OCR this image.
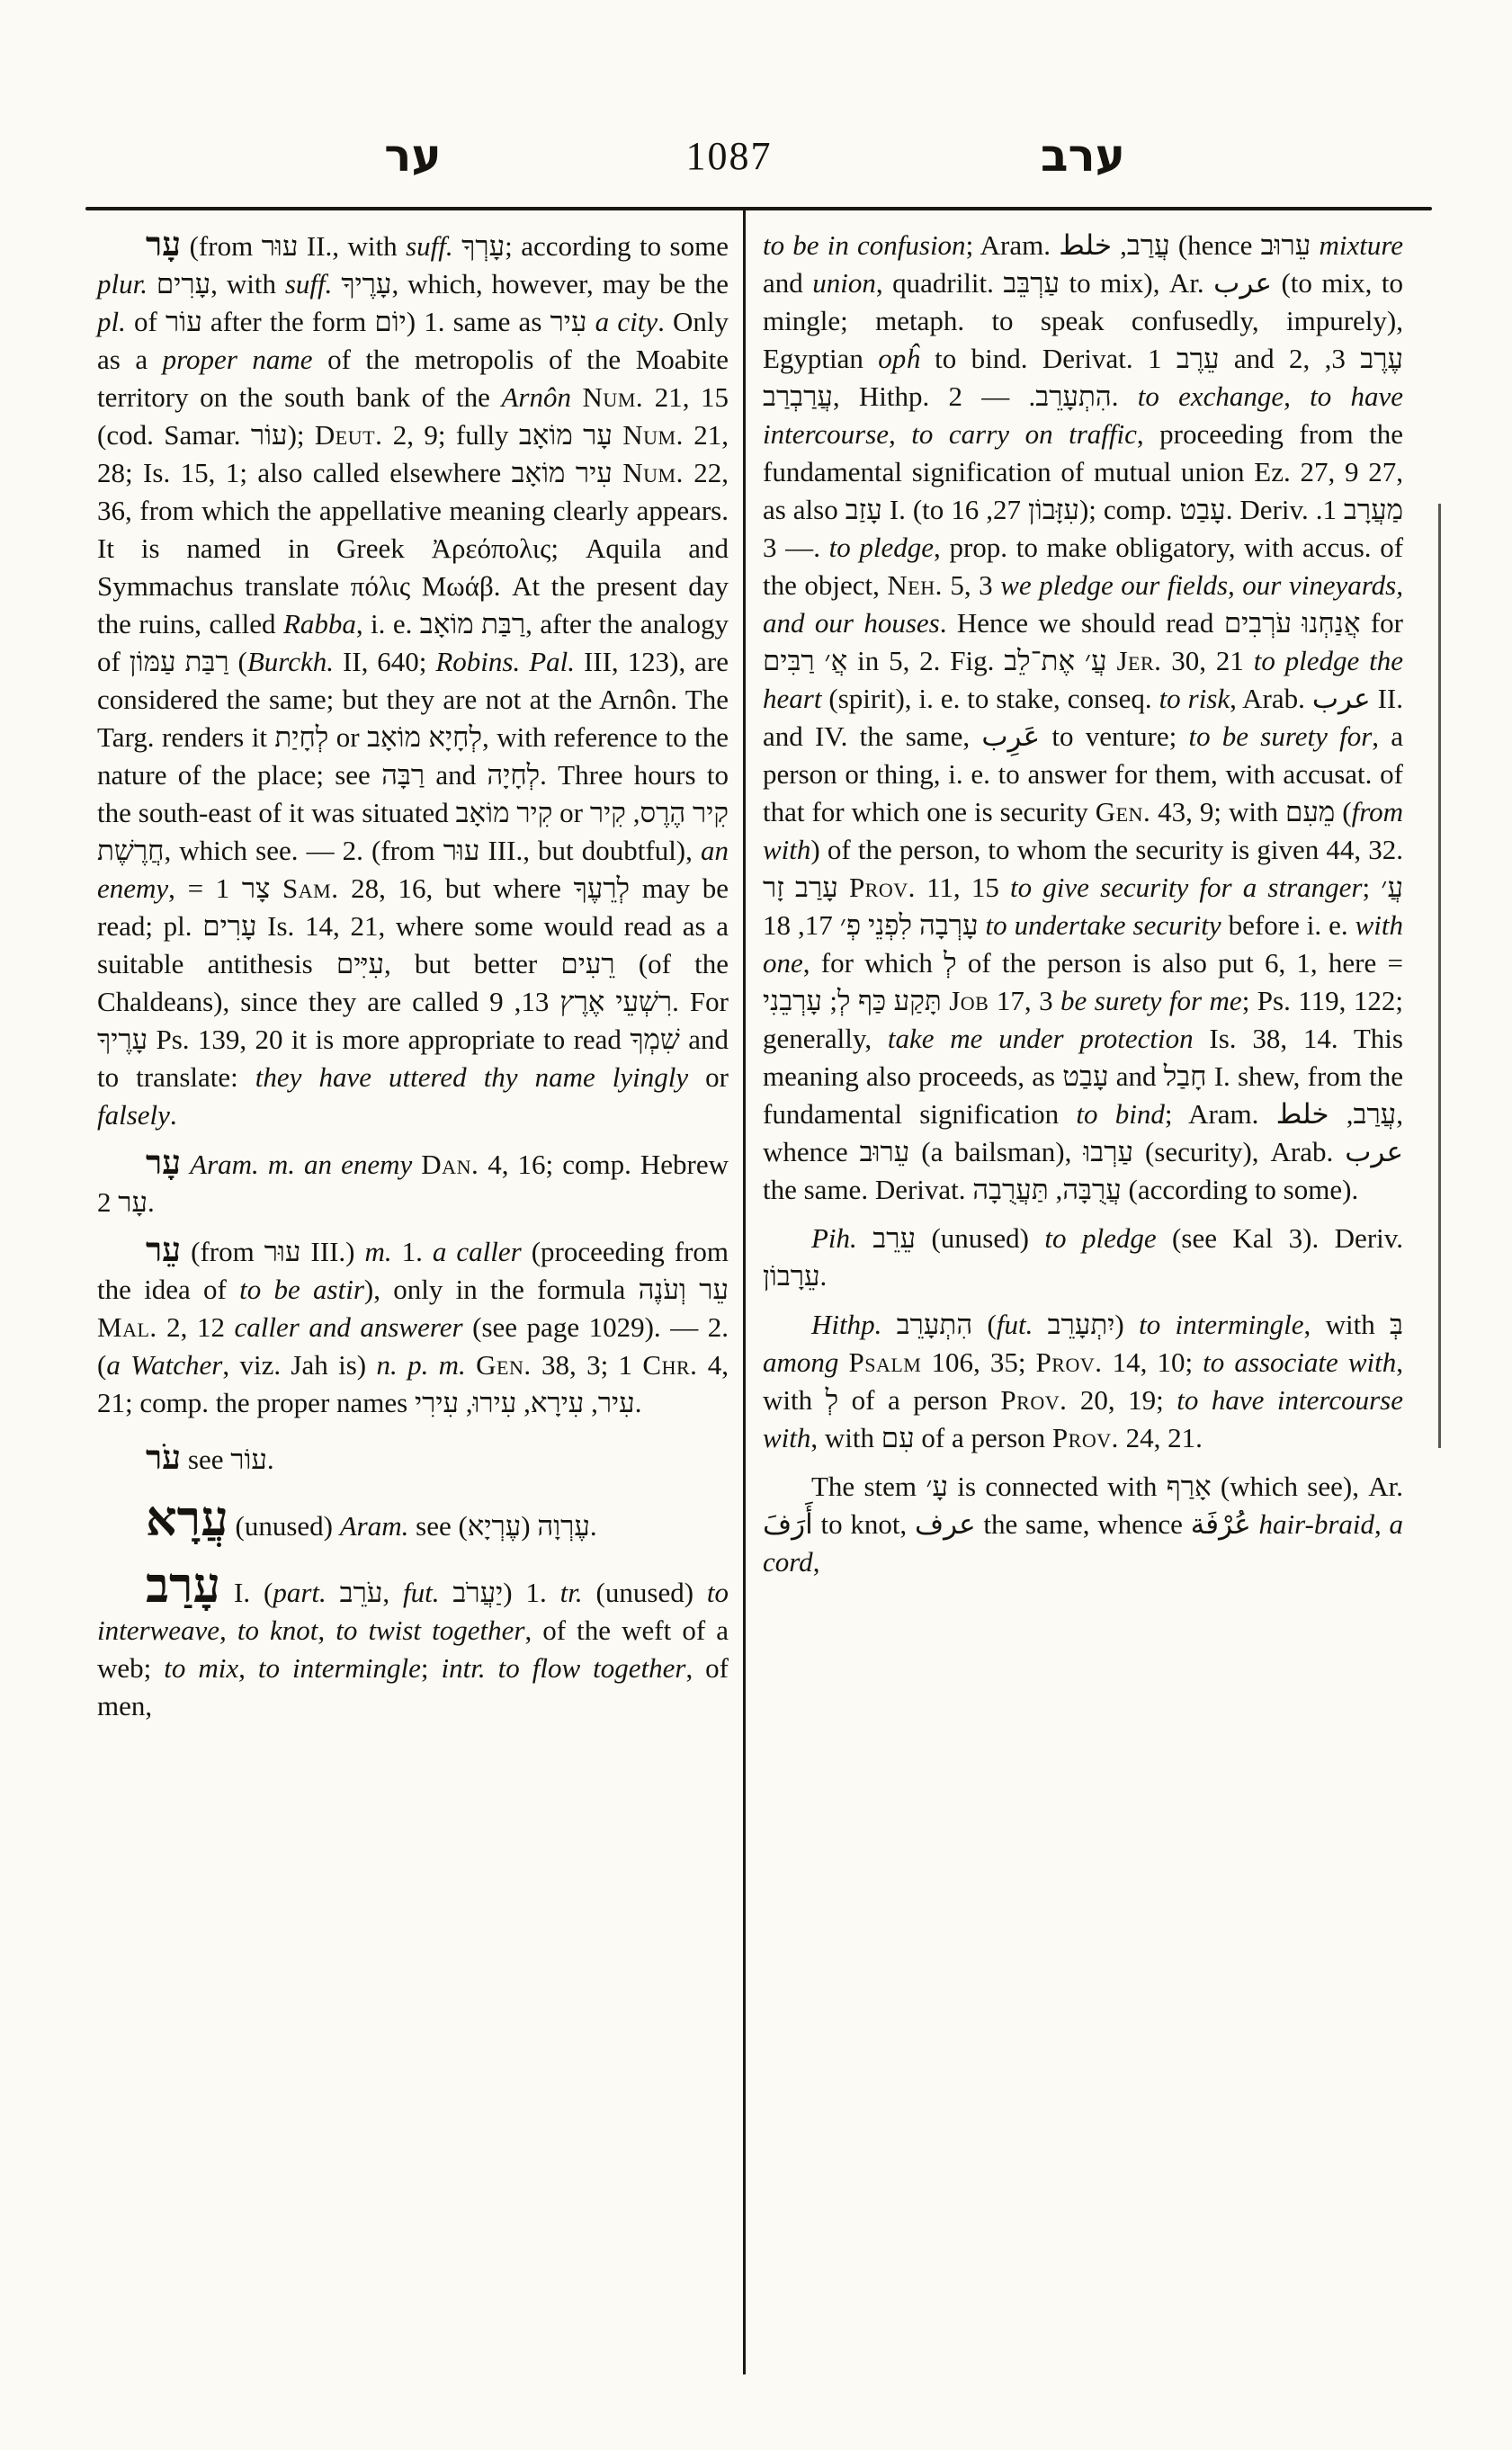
ער	1087	ערב

עָר (from עוּר II., with suff. עָרְךָ; according to some plur. עָרִים, with suff. עָרֶיךָ, which, however, may be the pl. of עוֹר after the form יוֹם) 1. same as עִיר a city. Only as a proper name of the metropolis of the Moabite territory on the south bank of the Arnôn Num. 21, 15 (cod. Samar. עוֹר); Deut. 2, 9; fully עָר מוֹאָב Num. 21, 28; Is. 15, 1; also called elsewhere עִיר מוֹאָב Num. 22, 36, from which the appellative meaning clearly appears. It is named in Greek Ἀρεόπολις; Aquila and Symmachus translate πόλις Μωάβ. At the present day the ruins, called Rabba, i. e. רַבַּת מוֹאָב, after the analogy of רַבַּת עַמּוֹן (Burckh. II, 640; Robins. Pal. III, 123), are considered the same; but they are not at the Arnôn. The Targ. renders it לְחָיַת or לְחָיָא מוֹאָב, with reference to the nature of the place; see רַבָּה and לְחָיָה. Three hours to the south-east of it was situated קִיר מוֹאָב or קִיר הֶרֶס, קִיר חֲרֶשֶׁת, which see. — 2. (from עוּר III., but doubtful), an enemy, = צָר 1 Sam. 28, 16, but where לְרֵעֶךָ may be read; pl. עָרִים Is. 14, 21, where some would read as a suitable antithesis עִיִּים, but better רֵעִים (of the Chaldeans), since they are called רִשְׁעֵי אֶרֶץ 13, 9. For עָרֶיךָ Ps. 139, 20 it is more appropriate to read שִׁמְךָ and to translate: they have uttered thy name lyingly or falsely.

עָר Aram. m. an enemy Dan. 4, 16; comp. Hebrew עָר 2.

עֵר (from עוּר III.) m. 1. a caller (proceeding from the idea of to be astir), only in the formula עֵר וְעֹנֶה Mal. 2, 12 caller and answerer (see page 1029). — 2. (a Watcher, viz. Jah is) n. p. m. Gen. 38, 3; 1 Chr. 4, 21; comp. the proper names עִיר, עִירָא, עִירוּ, עִירִי.

עֹר see עוֹר.

עֲרָא (unused) Aram. see עֶרְוָה (עֶרְיָא).

עָרַב I. (part. עֹרֵב, fut. יַעֲרֹב) 1. tr. (unused) to interweave, to knot, to twist together, of the weft of a web; to mix, to intermingle; intr. to flow together, of men,

to be in confusion; Aram. עֲרַב, خلط (hence עֵרוּב mixture and union, quadrilit. עַרְבֵּב to mix), Ar. عرب (to mix, to mingle; metaph. to speak confusedly, impurely), Egyptian opĥ to bind. Derivat. עֵרֶב 1 and 2, עֶרֶב 3, עֲרַבְרַב, Hithp. הִתְעָרֵב. — 2. to exchange, to have intercourse, to carry on traffic, proceeding from the fundamental signification of mutual union Ez. 27, 9 27, as also עָזַב I. (to עִזָּבוֹן 27, 16); comp. עָבַט. Deriv. מַעֲרָב 1. — 3. to pledge, prop. to make obligatory, with accus. of the object, Neh. 5, 3 we pledge our fields, our vineyards, and our houses. Hence we should read אֲנַחְנוּ עֹרְבִים for אֲ׳ רַבִּים in 5, 2. Fig. עֲ׳ אֶת־לֵב Jer. 30, 21 to pledge the heart (spirit), i. e. to stake, conseq. to risk, Arab. عرب II. and IV. the same, عَرِب to venture; to be surety for, a person or thing, i. e. to answer for them, with accusat. of that for which one is security Gen. 43, 9; with מֵעִם (from with) of the person, to whom the security is given 44, 32. עָרַב זָר Prov. 11, 15 to give security for a stranger; עֲ׳ עָרְבָה לִפְנֵי פְ׳ 17, 18 to undertake security before i. e. with one, for which לְ of the person is also put 6, 1, here = תָּקַע כַּף לְ; עָרְבֵנִי Job 17, 3 be surety for me; Ps. 119, 122; generally, take me under protection Is. 38, 14. This meaning also proceeds, as עָבַט and חָבַל I. shew, from the fundamental signification to bind; Aram. עֲרַב, خلط, whence עֵרוּב (a bailsman), עַרְבוּ (security), Arab. عرب the same. Derivat. עֲרֻבָּה, תַּעֲרֻבָה (according to some).

Pih. עֵרֵב (unused) to pledge (see Kal 3). Deriv. עֵרָבוֹן.

Hithp. הִתְעָרֵב (fut. יִתְעָרֵב) to intermingle, with בְּ among Psalm 106, 35; Prov. 14, 10; to associate with, with לְ of a person Prov. 20, 19; to have intercourse with, with עִם of a person Prov. 24, 21.

The stem עָ׳ is connected with אָרַף (which see), Ar. أَرَفَ to knot, عرف the same, whence عُرْفَة hair-braid, a cord,
